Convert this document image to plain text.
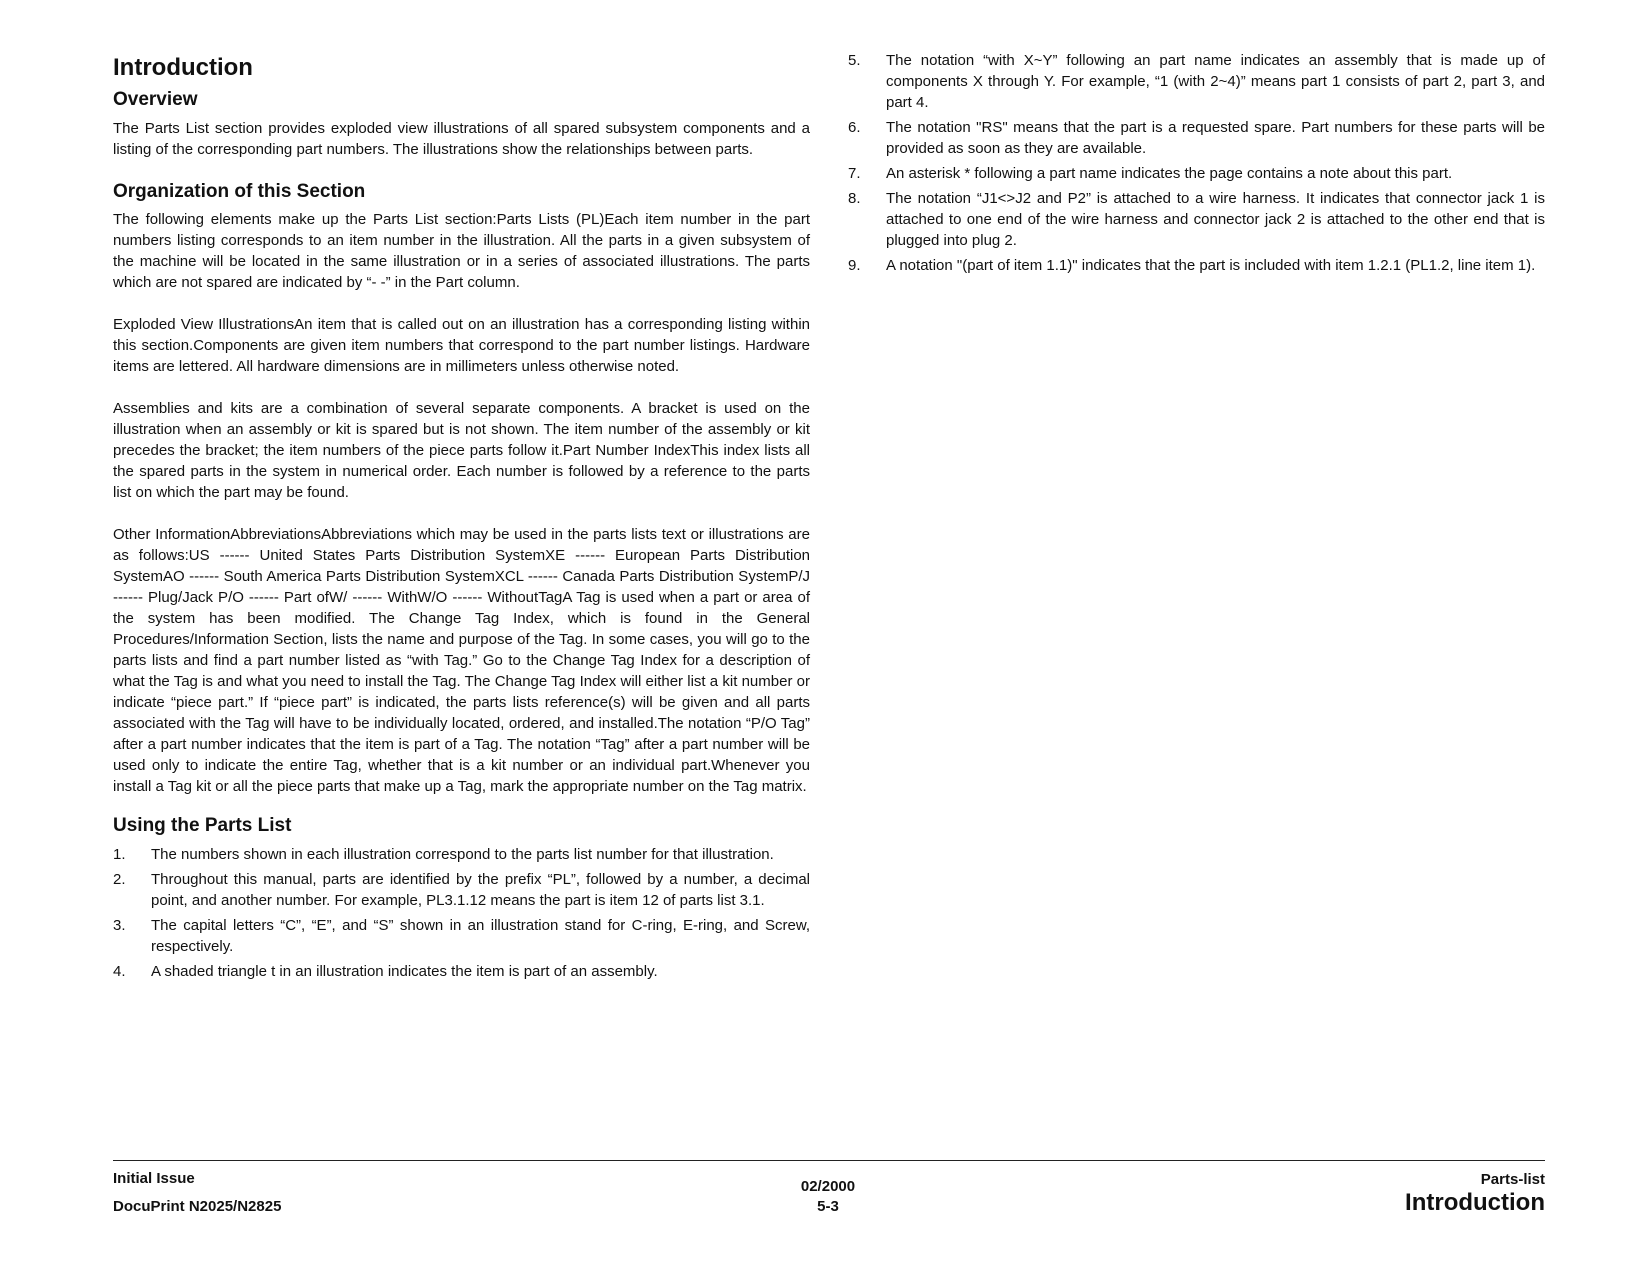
Introduction
Overview

The Parts List section provides exploded view illustrations of all spared subsystem components and a listing of the corresponding part numbers. The illustrations show the relationships between parts.

Organization of this Section

The following elements make up the Parts List section:Parts Lists (PL)Each item number in the part numbers listing corresponds to an item number in the illustration. All the parts in a given subsystem of the machine will be located in the same illustration or in a series of associated illustrations. The parts which are not spared are indicated by “- -” in the Part column.

Exploded View IllustrationsAn item that is called out on an illustration has a corresponding listing within this section.Components are given item numbers that correspond to the part number listings. Hardware items are lettered. All hardware dimensions are in millimeters unless otherwise noted.

Assemblies and kits are a combination of several separate components. A bracket is used on the illustration when an assembly or kit is spared but is not shown. The item number of the assembly or kit precedes the bracket; the item numbers of the piece parts follow it.Part Number IndexThis index lists all the spared parts in the system in numerical order. Each number is followed by a reference to the parts list on which the part may be found.

Other InformationAbbreviationsAbbreviations which may be used in the parts lists text or illustrations are as follows:US ------ United States Parts Distribution SystemXE ------ European Parts Distribution SystemAO ------ South America Parts Distribution SystemXCL ------ Canada Parts Distribution SystemP/J ------ Plug/Jack P/O ------ Part ofW/ ------ WithW/O ------ WithoutTagA Tag is used when a part or area of the system has been modified. The Change Tag Index, which is found in the General Procedures/Information Section, lists the name and purpose of the Tag. In some cases, you will go to the parts lists and find a part number listed as “with Tag.” Go to the Change Tag Index for a description of what the Tag is and what you need to install the Tag. The Change Tag Index will either list a kit number or indicate “piece part.” If “piece part” is indicated, the parts lists reference(s) will be given and all parts associated with the Tag will have to be individually located, ordered, and installed.The notation “P/O Tag” after a part number indicates that the item is part of a Tag. The notation “Tag” after a part number will be used only to indicate the entire Tag, whether that is a kit number or an individual part.Whenever you install a Tag kit or all the piece parts that make up a Tag, mark the appropriate number on the Tag matrix.

Using the Parts List
1. The numbers shown in each illustration correspond to the parts list number for that illustration.
2. Throughout this manual, parts are identified by the prefix “PL”, followed by a number, a decimal point, and another number. For example, PL3.1.12 means the part is item 12 of parts list 3.1.
3. The capital letters “C”, “E”, and “S” shown in an illustration stand for C-ring, E-ring, and Screw, respectively.
4. A shaded triangle t in an illustration indicates the item is part of an assembly.
5. The notation “with X~Y” following an part name indicates an assembly that is made up of components X through Y. For example, “1 (with 2~4)” means part 1 consists of part 2, part 3, and part 4.
6. The notation "RS" means that the part is a requested spare. Part numbers for these parts will be provided as soon as they are available.
7. An asterisk * following a part name indicates the page contains a note about this part.
8. The notation “J1<>J2 and P2” is attached to a wire harness. It indicates that connector jack 1 is attached to one end of the wire harness and connector jack 2 is attached to the other end that is plugged into plug 2.
9. A notation "(part of item 1.1)" indicates that the part is included with item 1.2.1 (PL1.2, line item 1).
Initial Issue
DocuPrint N2025/N2825
02/2000
5-3
Parts-list
Introduction
